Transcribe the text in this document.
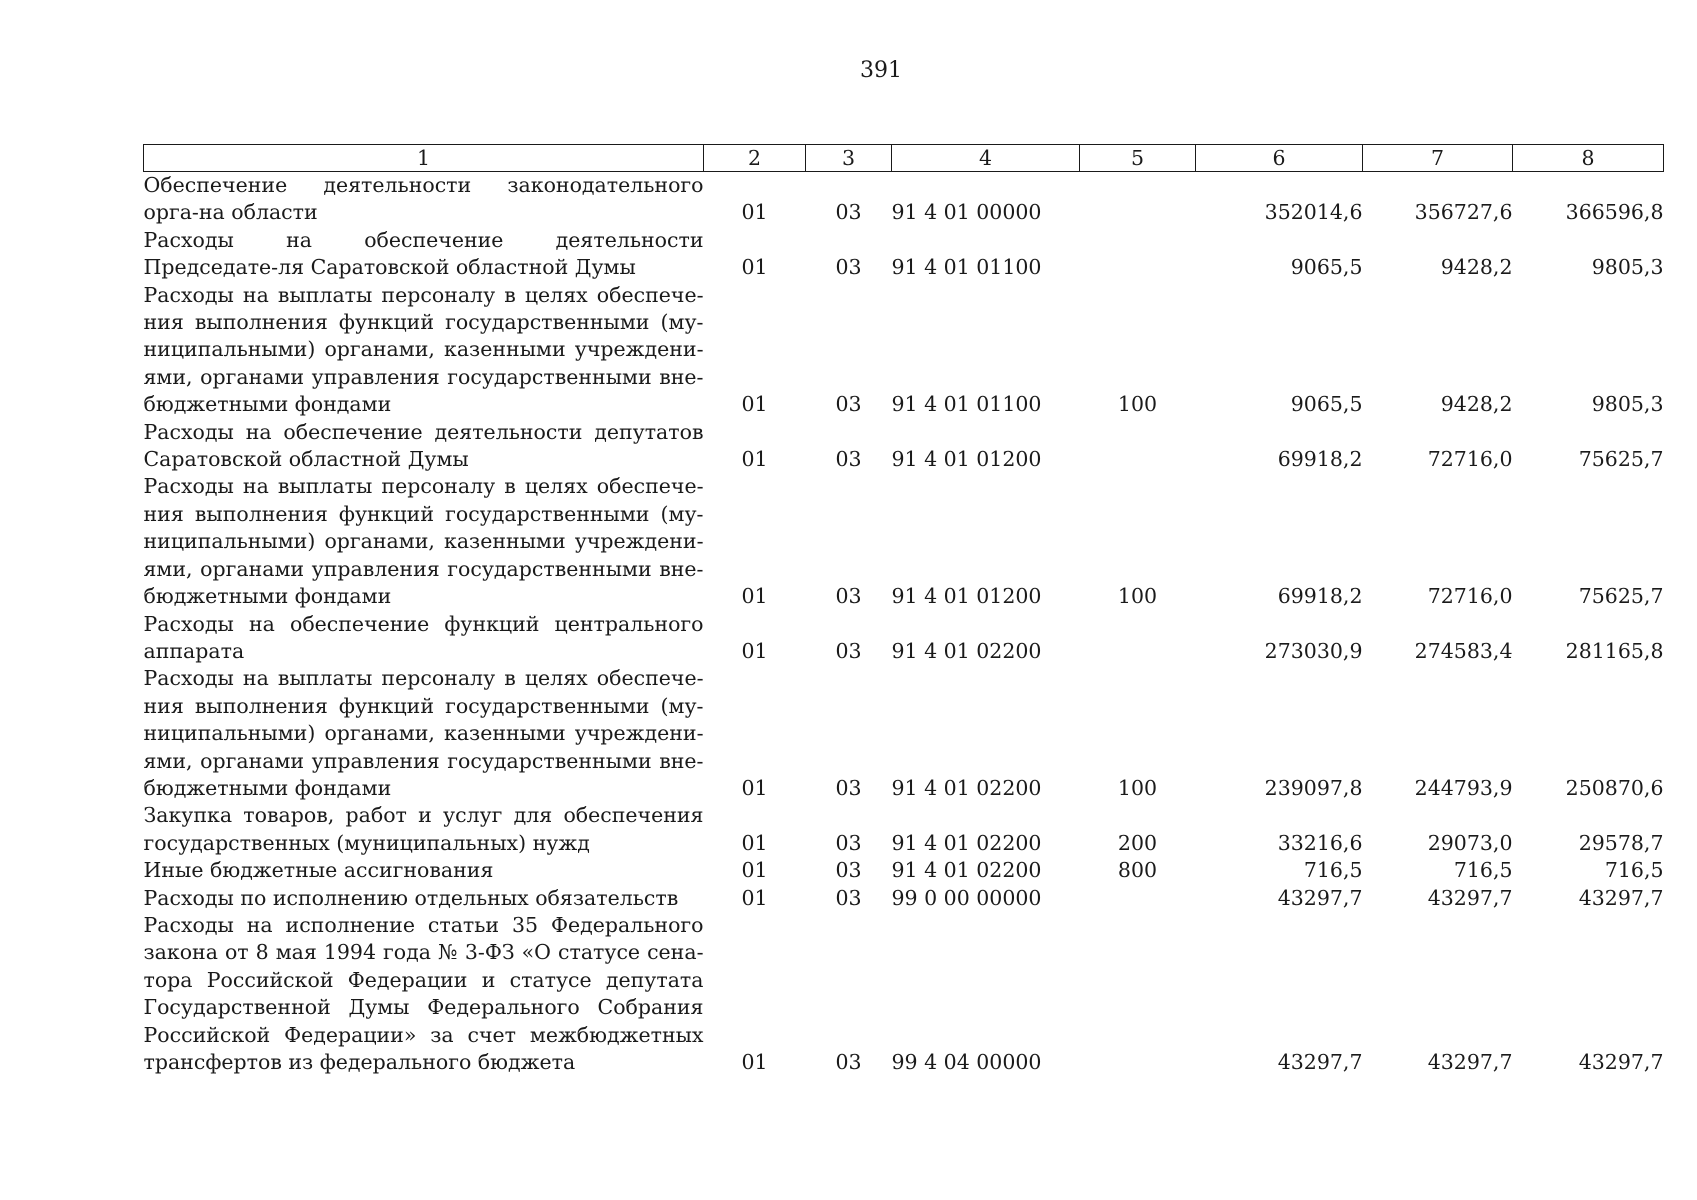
391
1	2	3	4	5	6	7	8
Обеспечение деятельности законодательного орга-на области	01	03	91 4 01 00000		352014,6	356727,6	366596,8
Расходы на обеспечение деятельности Председате-ля Саратовской областной Думы	01	03	91 4 01 01100		9065,5	9428,2	9805,3
Расходы на выплаты персоналу в целях обеспече-ния выполнения функций государственными (му-ниципальными) органами, казенными учреждени-ями, органами управления государственными вне-бюджетными фондами	01	03	91 4 01 01100	100	9065,5	9428,2	9805,3
Расходы на обеспечение деятельности депутатов Саратовской областной Думы	01	03	91 4 01 01200		69918,2	72716,0	75625,7
Расходы на выплаты персоналу в целях обеспече-ния выполнения функций государственными (му-ниципальными) органами, казенными учреждени-ями, органами управления государственными вне-бюджетными фондами	01	03	91 4 01 01200	100	69918,2	72716,0	75625,7
Расходы на обеспечение функций центрального аппарата	01	03	91 4 01 02200		273030,9	274583,4	281165,8
Расходы на выплаты персоналу в целях обеспече-ния выполнения функций государственными (му-ниципальными) органами, казенными учреждени-ями, органами управления государственными вне-бюджетными фондами	01	03	91 4 01 02200	100	239097,8	244793,9	250870,6
Закупка товаров, работ и услуг для обеспечения государственных (муниципальных) нужд	01	03	91 4 01 02200	200	33216,6	29073,0	29578,7
Иные бюджетные ассигнования	01	03	91 4 01 02200	800	716,5	716,5	716,5
Расходы по исполнению отдельных обязательств	01	03	99 0 00 00000		43297,7	43297,7	43297,7
Расходы на исполнение статьи 35 Федерального закона от 8 мая 1994 года № 3-ФЗ «О статусе сена-тора Российской Федерации и статусе депутата Государственной Думы Федерального Собрания Российской Федерации» за счет межбюджетных трансфертов из федерального бюджета	01	03	99 4 04 00000		43297,7	43297,7	43297,7
